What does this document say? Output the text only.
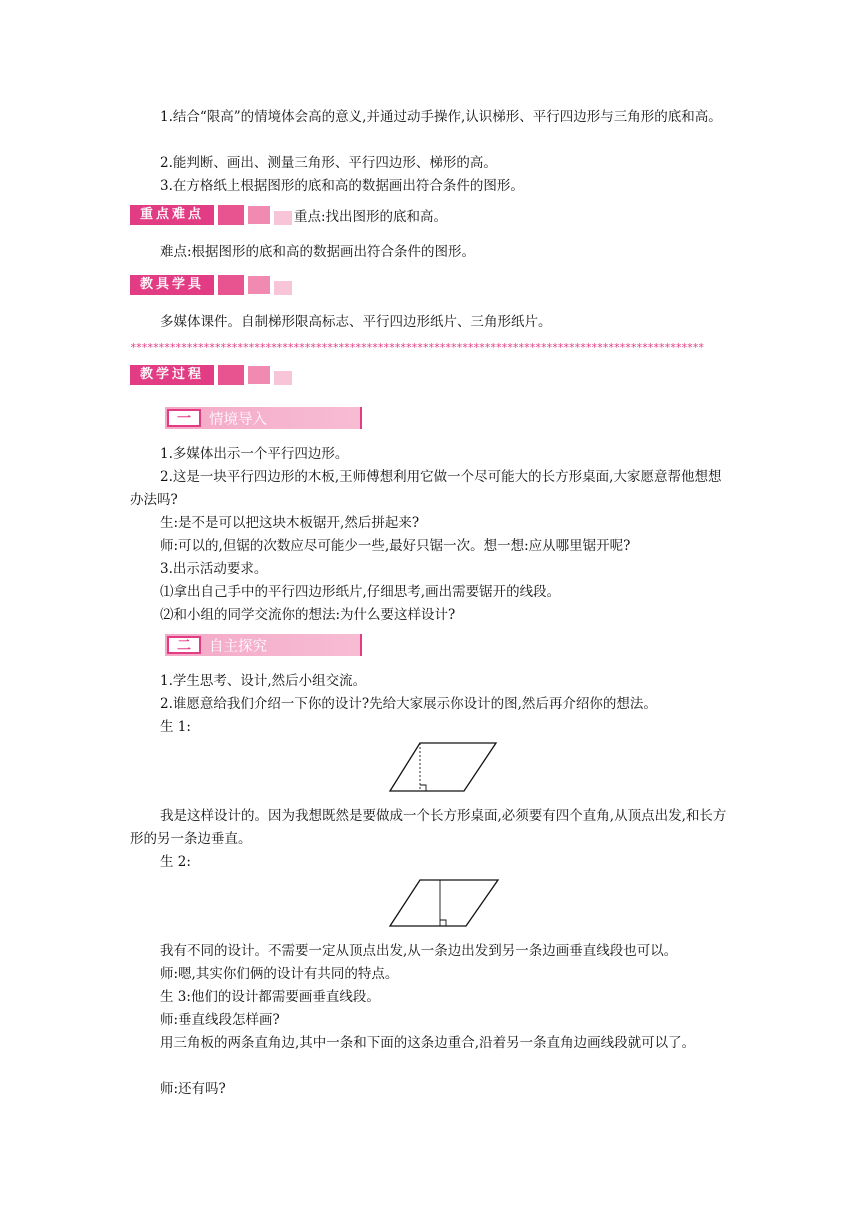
1.结合“限高”的情境体会高的意义,并通过动手操作,认识梯形、平行四边形与三角形的底和高。

2.能判断、画出、测量三角形、平行四边形、梯形的高。

3.在方格纸上根据图形的底和高的数据画出符合条件的图形。

重点难点	重点:找出图形的底和高。

难点:根据图形的底和高的数据画出符合条件的图形。

教具学具

多媒体课件。自制梯形限高标志、平行四边形纸片、三角形纸片。

******************************************************************************************************
教学过程
一	情境导入

1.多媒体出示一个平行四边形。

2.这是一块平行四边形的木板,王师傅想利用它做一个尽可能大的长方形桌面,大家愿意帮他想想办法吗?

生:是不是可以把这块木板锯开,然后拼起来?

师:可以的,但锯的次数应尽可能少一些,最好只锯一次。想一想:应从哪里锯开呢?

3.出示活动要求。

⑴拿出自己手中的平行四边形纸片,仔细思考,画出需要锯开的线段。

⑵和小组的同学交流你的想法:为什么要这样设计?

二	自主探究

1.学生思考、设计,然后小组交流。

2.谁愿意给我们介绍一下你的设计?先给大家展示你设计的图,然后再介绍你的想法。

生 1:

我是这样设计的。因为我想既然是要做成一个长方形桌面,必须要有四个直角,从顶点出发,和长方形的另一条边垂直。

生 2:

我有不同的设计。不需要一定从顶点出发,从一条边出发到另一条边画垂直线段也可以。

师:嗯,其实你们俩的设计有共同的特点。

生 3:他们的设计都需要画垂直线段。

师:垂直线段怎样画?

用三角板的两条直角边,其中一条和下面的这条边重合,沿着另一条直角边画线段就可以了。

师:还有吗?
